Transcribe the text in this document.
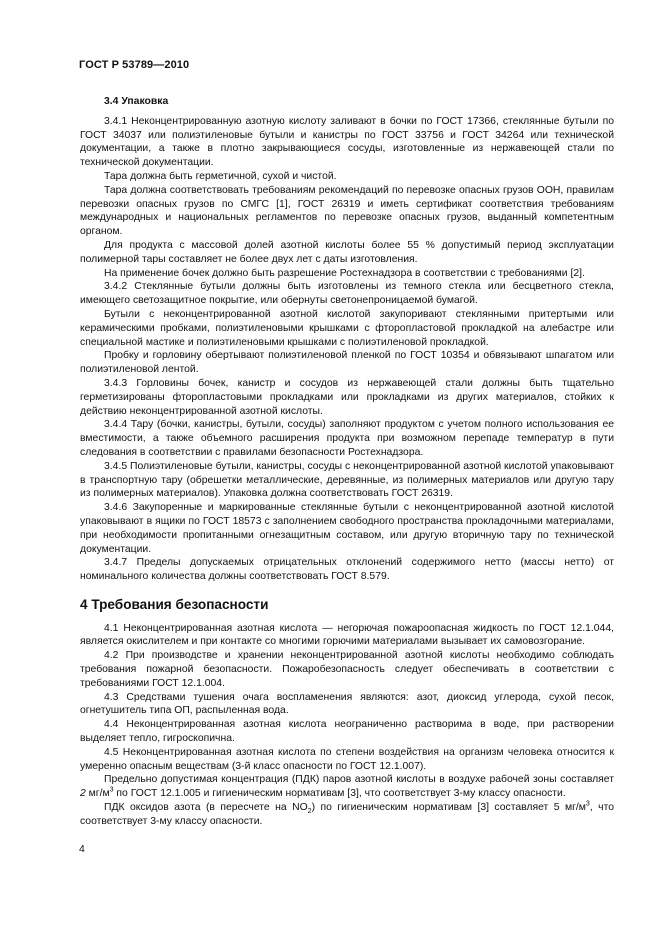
ГОСТ Р 53789—2010
3.4 Упаковка

3.4.1 Неконцентрированную азотную кислоту заливают в бочки по ГОСТ 17366, стеклянные бутыли по ГОСТ 34037 или полиэтиленовые бутыли и канистры по ГОСТ 33756 и ГОСТ 34264 или технической документации, а также в плотно закрывающиеся сосуды, изготовленные из нержавеющей стали по технической документации.

Тара должна быть герметичной, сухой и чистой.

Тара должна соответствовать требованиям рекомендаций по перевозке опасных грузов ООН, правилам перевозки опасных грузов по СМГС [1], ГОСТ 26319 и иметь сертификат соответствия требованиям международных и национальных регламентов по перевозке опасных грузов, выданный компетентным органом.

Для продукта с массовой долей азотной кислоты более 55 % допустимый период эксплуатации полимерной тары составляет не более двух лет с даты изготовления.

На применение бочек должно быть разрешение Ростехнадзора в соответствии с требованиями [2].

3.4.2 Стеклянные бутыли должны быть изготовлены из темного стекла или бесцветного стекла, имеющего светозащитное покрытие, или обернуты светонепроницаемой бумагой.

Бутыли с неконцентрированной азотной кислотой закупоривают стеклянными притертыми или керамическими пробками, полиэтиленовыми крышками с фторопластовой прокладкой на алебастре или специальной мастике и полиэтиленовыми крышками с полиэтиленовой прокладкой.

Пробку и горловину обертывают полиэтиленовой пленкой по ГОСТ 10354 и обвязывают шпагатом или полиэтиленовой лентой.

3.4.3 Горловины бочек, канистр и сосудов из нержавеющей стали должны быть тщательно герметизированы фторопластовыми прокладками или прокладками из других материалов, стойких к действию неконцентрированной азотной кислоты.

3.4.4 Тару (бочки, канистры, бутыли, сосуды) заполняют продуктом с учетом полного использования ее вместимости, а также объемного расширения продукта при возможном перепаде температур в пути следования в соответствии с правилами безопасности Ростехнадзора.

3.4.5 Полиэтиленовые бутыли, канистры, сосуды с неконцентрированной азотной кислотой упаковывают в транспортную тару (обрешетки металлические, деревянные, из полимерных материалов или другую тару из полимерных материалов). Упаковка должна соответствовать ГОСТ 26319.

3.4.6 Закупоренные и маркированные стеклянные бутыли с неконцентрированной азотной кислотой упаковывают в ящики по ГОСТ 18573 с заполнением свободного пространства прокладочными материалами, при необходимости пропитанными огнезащитным составом, или другую вторичную тару по технической документации.

3.4.7 Пределы допускаемых отрицательных отклонений содержимого нетто (массы нетто) от номинального количества должны соответствовать ГОСТ 8.579.

4 Требования безопасности

4.1 Неконцентрированная азотная кислота — негорючая пожароопасная жидкость по ГОСТ 12.1.044, является окислителем и при контакте со многими горючими материалами вызывает их самовозгорание.

4.2 При производстве и хранении неконцентрированной азотной кислоты необходимо соблюдать требования пожарной безопасности. Пожаробезопасность следует обеспечивать в соответствии с требованиями ГОСТ 12.1.004.

4.3 Средствами тушения очага воспламенения являются: азот, диоксид углерода, сухой песок, огнетушитель типа ОП, распыленная вода.

4.4 Неконцентрированная азотная кислота неограниченно растворима в воде, при растворении выделяет тепло, гигроскопична.

4.5 Неконцентрированная азотная кислота по степени воздействия на организм человека относится к умеренно опасным веществам (3-й класс опасности по ГОСТ 12.1.007).

Предельно допустимая концентрация (ПДК) паров азотной кислоты в воздухе рабочей зоны составляет 2 $мг/м^3$ по ГОСТ 12.1.005 и гигиеническим нормативам [3], что соответствует 3-му классу опасности.

ПДК оксидов азота (в пересчете на $NO_2$) по гигиеническим нормативам [3] составляет 5 $мг/м^3$, что соответствует 3-му классу опасности.

4
